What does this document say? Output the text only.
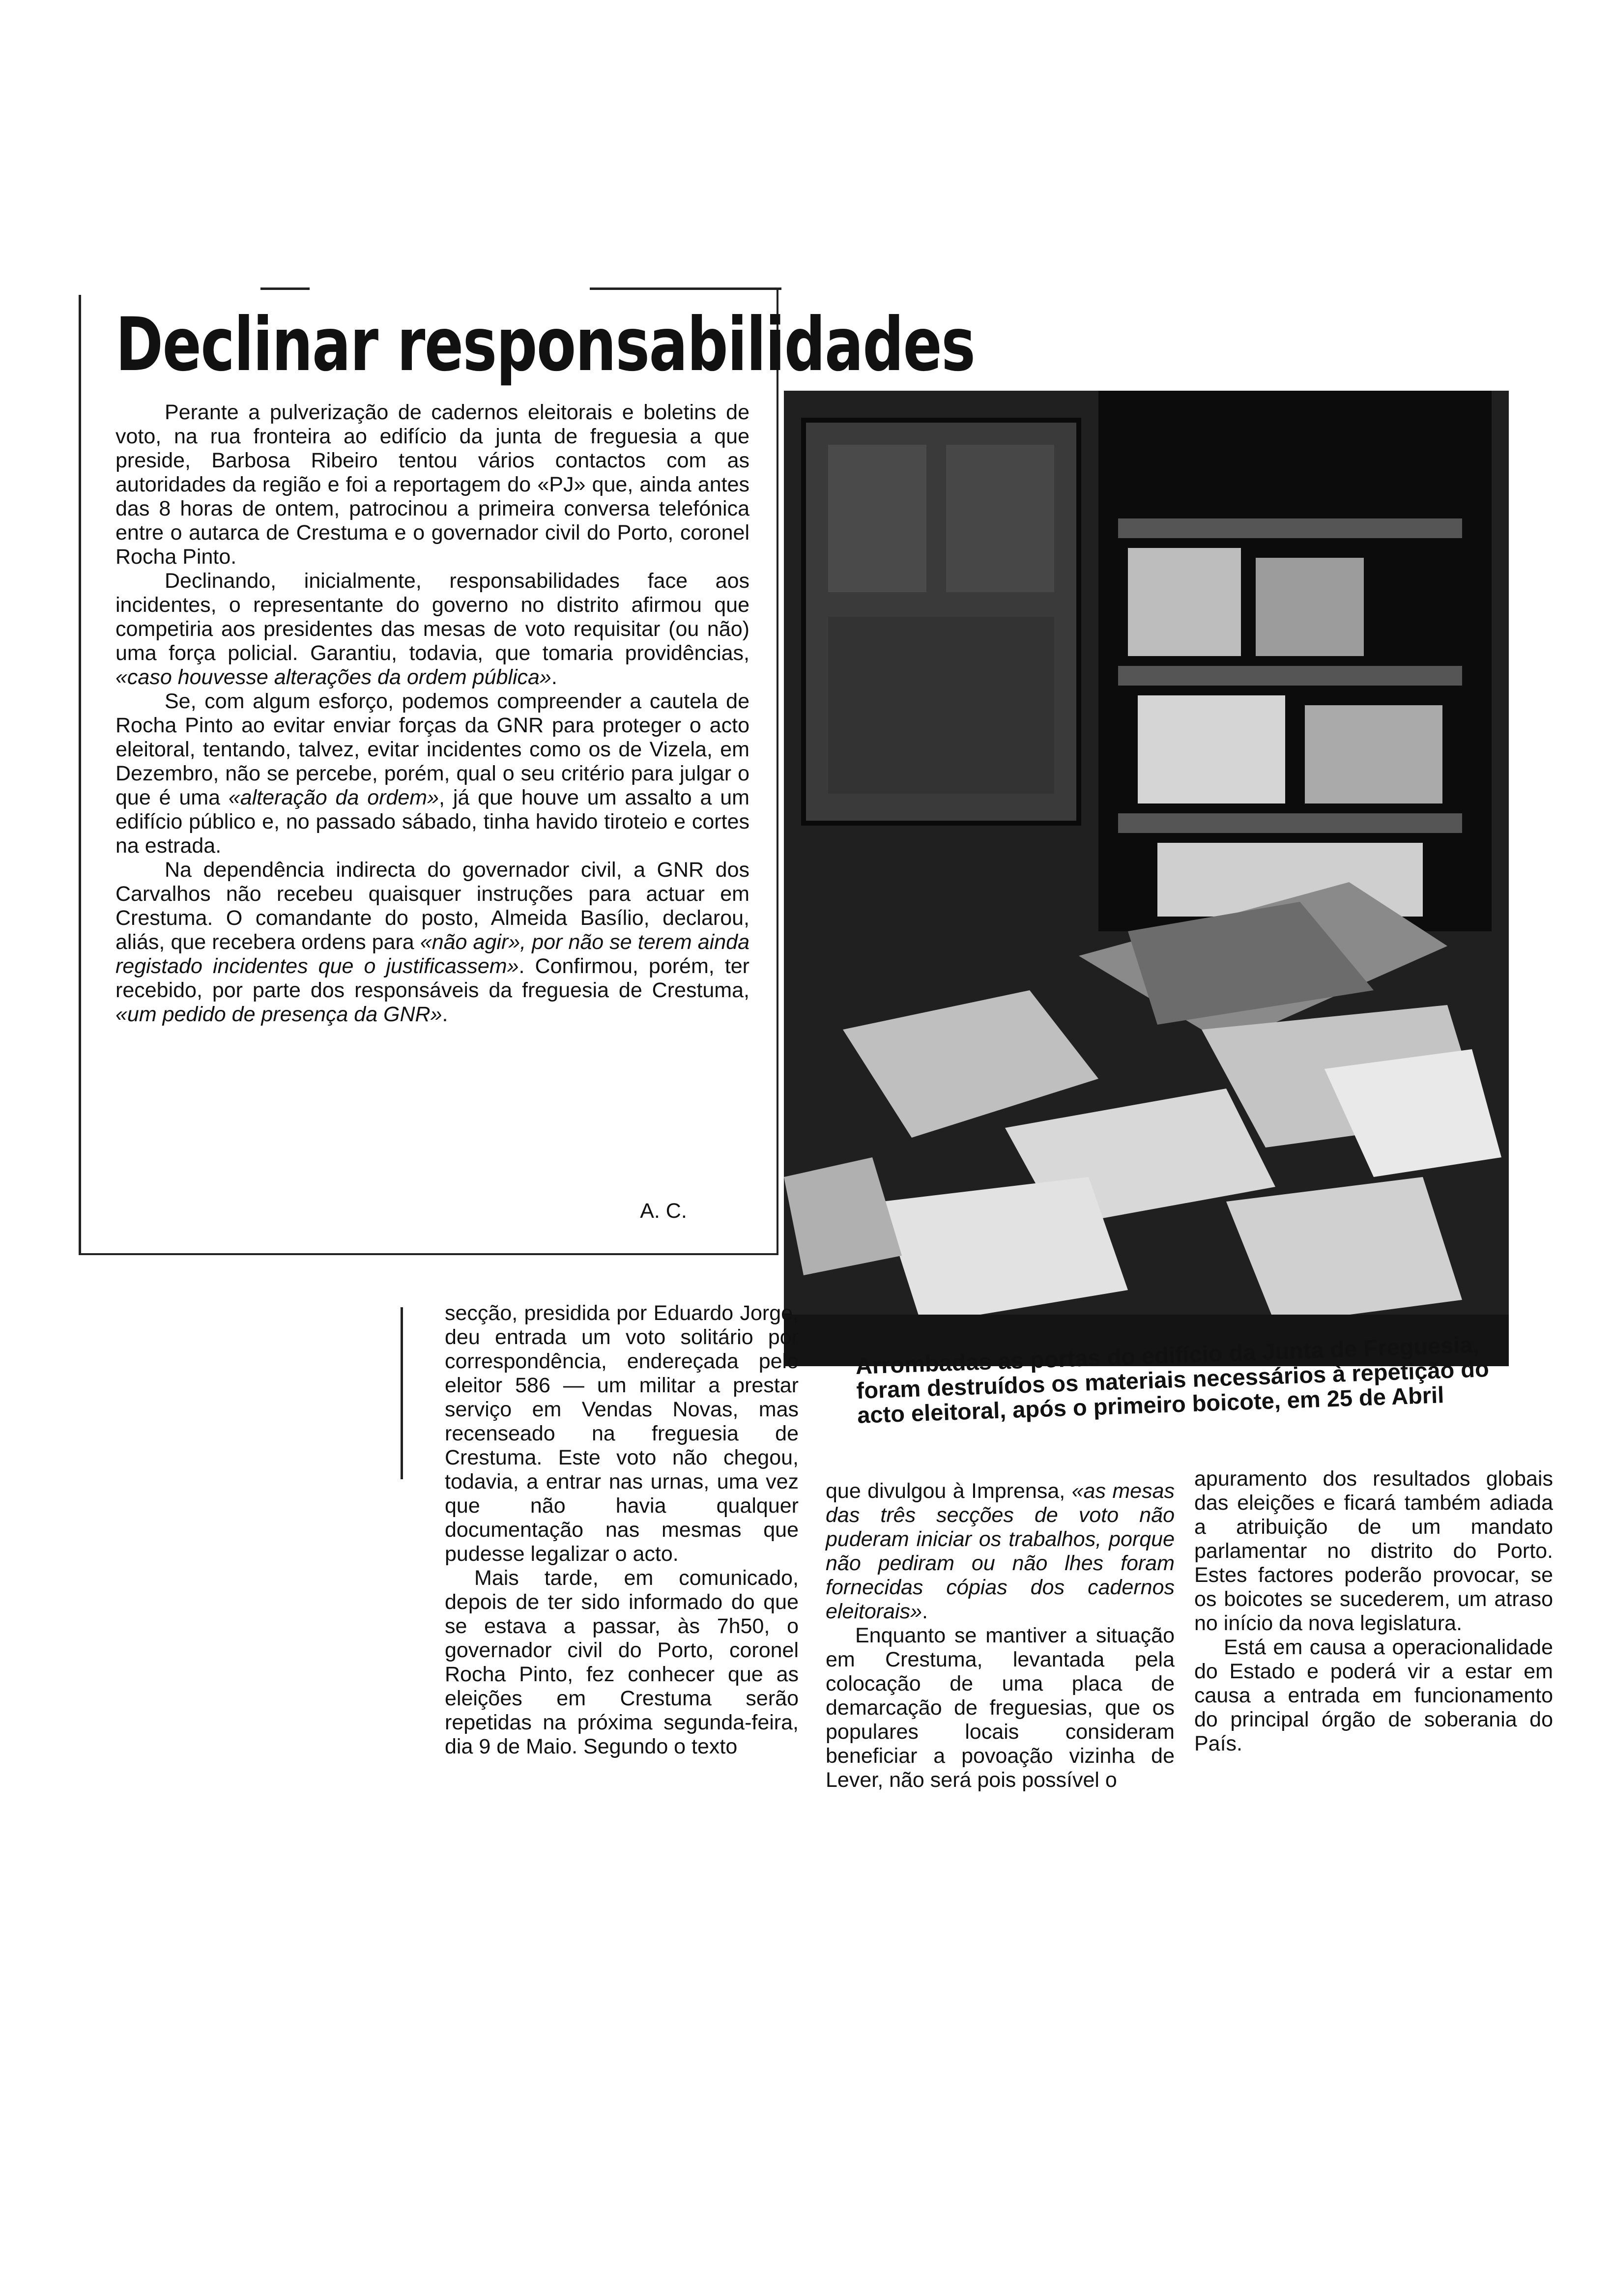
Declinar responsabilidades

Perante a pulverização de cadernos eleitorais e boletins de voto, na rua fronteira ao edifício da junta de freguesia a que preside, Barbosa Ribeiro tentou vários contactos com as autoridades da região e foi a reportagem do «PJ» que, ainda antes das 8 horas de ontem, patrocinou a primeira conversa telefónica entre o autarca de Crestuma e o governador civil do Porto, coronel Rocha Pinto.

Declinando, inicialmente, responsabilidades face aos incidentes, o representante do governo no distrito afirmou que competiria aos presidentes das mesas de voto requisitar (ou não) uma força policial. Garantiu, todavia, que tomaria providências, «caso houvesse alterações da ordem pública».

Se, com algum esforço, podemos compreender a cautela de Rocha Pinto ao evitar enviar forças da GNR para proteger o acto eleitoral, tentando, talvez, evitar incidentes como os de Vizela, em Dezembro, não se percebe, porém, qual o seu critério para julgar o que é uma «alteração da ordem», já que houve um assalto a um edifício público e, no passado sábado, tinha havido tiroteio e cortes na estrada.

Na dependência indirecta do governador civil, a GNR dos Carvalhos não recebeu quaisquer instruções para actuar em Crestuma. O comandante do posto, Almeida Basílio, declarou, aliás, que recebera ordens para «não agir», por não se terem ainda registado incidentes que o justificassem». Confirmou, porém, ter recebido, por parte dos responsáveis da freguesia de Crestuma, «um pedido de presença da GNR».

A. C.
Arrombadas as portas do edifício da Junta de Freguesia, foram destruídos os materiais necessários à repetição do acto eleitoral, após o primeiro boicote, em 25 de Abril

secção, presidida por Eduardo Jorge, deu entrada um voto solitário por correspondência, endereçada pelo eleitor 586 — um militar a prestar serviço em Vendas Novas, mas recenseado na freguesia de Crestuma. Este voto não chegou, todavia, a entrar nas urnas, uma vez que não havia qualquer documentação nas mesmas que pudesse legalizar o acto.

Mais tarde, em comunicado, depois de ter sido informado do que se estava a passar, às 7h50, o governador civil do Porto, coronel Rocha Pinto, fez conhecer que as eleições em Crestuma serão repetidas na próxima segunda-feira, dia 9 de Maio. Segundo o texto

que divulgou à Imprensa, «as mesas das três secções de voto não puderam iniciar os trabalhos, porque não pediram ou não lhes foram fornecidas cópias dos cadernos eleitorais».

Enquanto se mantiver a situação em Crestuma, levantada pela colocação de uma placa de demarcação de freguesias, que os populares locais consideram beneficiar a povoação vizinha de Lever, não será pois possível o

apuramento dos resultados globais das eleições e ficará também adiada a atribuição de um mandato parlamentar no distrito do Porto. Estes factores poderão provocar, se os boicotes se sucederem, um atraso no início da nova legislatura.

Está em causa a operacionalidade do Estado e poderá vir a estar em causa a entrada em funcionamento do principal órgão de soberania do País.
